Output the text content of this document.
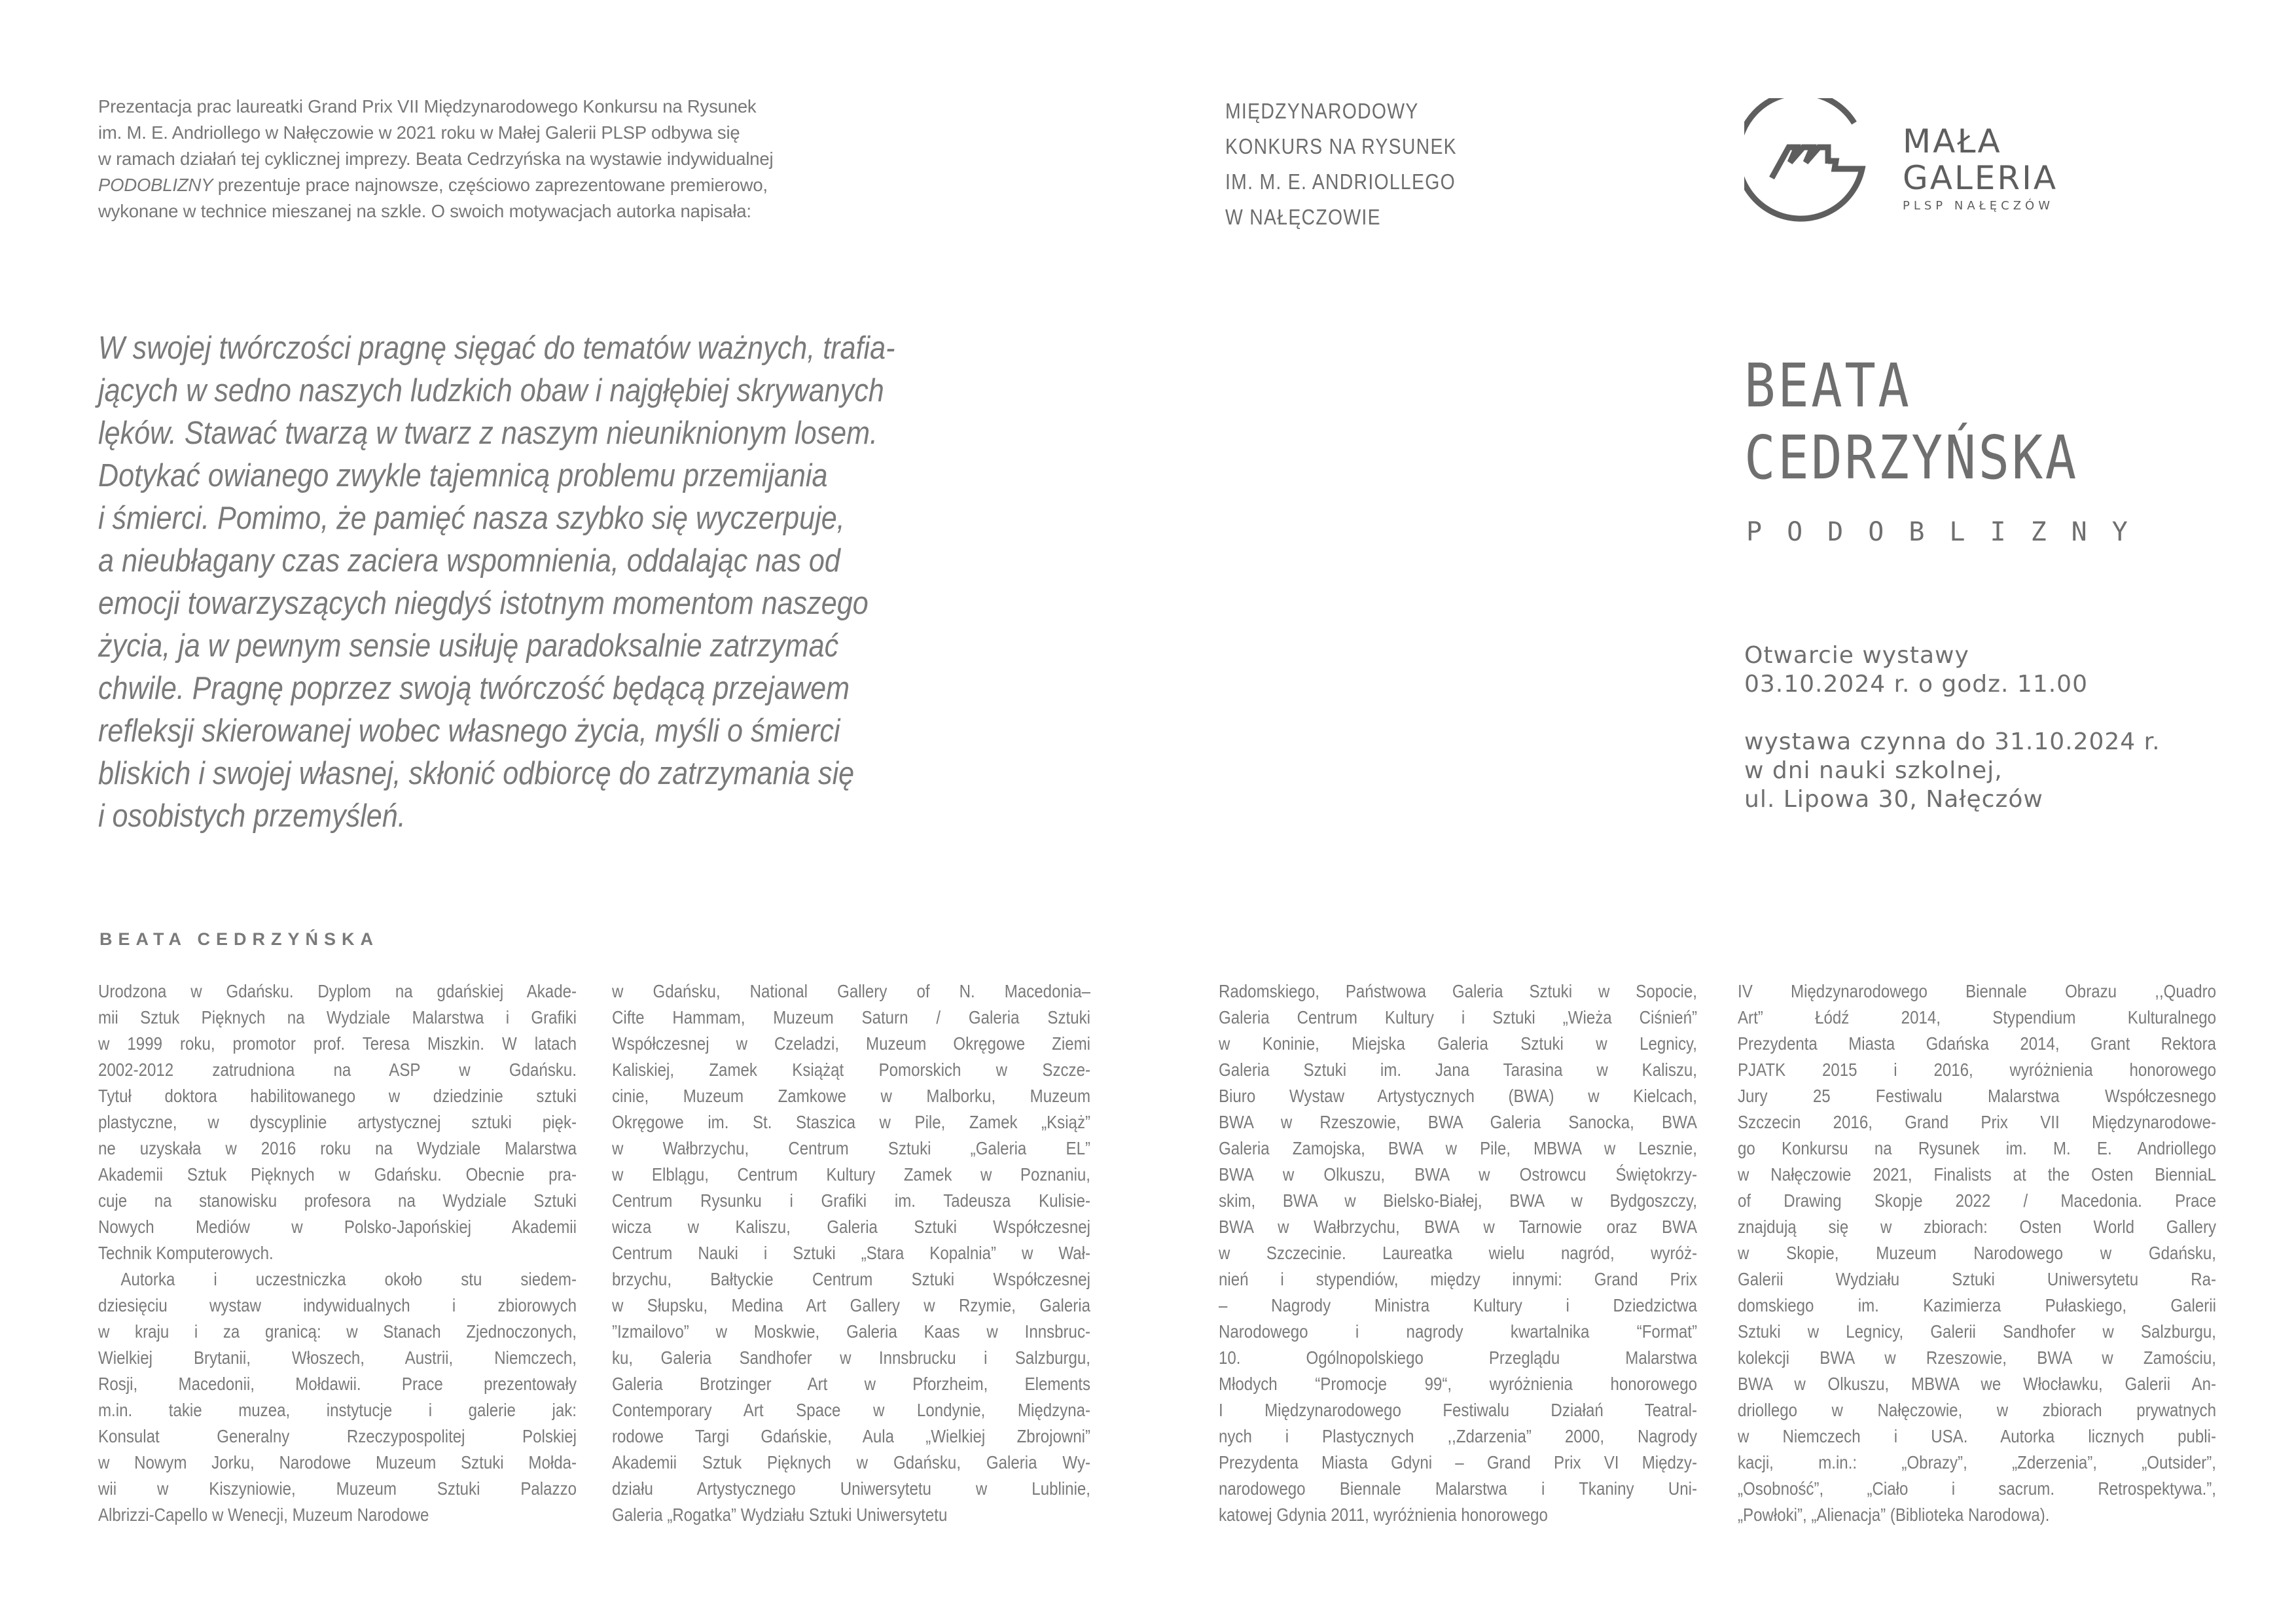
Prezentacja prac laureatki Grand Prix VII Międzynarodowego Konkursu na Rysunek

im. M. E. Andriollego w Nałęczowie w 2021 roku w Małej Galerii PLSP odbywa się

w ramach działań tej cyklicznej imprezy. Beata Cedrzyńska na wystawie indywidualnej

PODOBLIZNY prezentuje prace najnowsze, częściowo zaprezentowane premierowo,

wykonane w technice mieszanej na szkle. O swoich motywacjach autorka napisała:

MIĘDZYNARODOWY
KONKURS NA RYSUNEK
IM. M. E. ANDRIOLLEGO
W NAŁĘCZOWIE
MAŁA
GALERIA
PLSP NAŁĘCZÓW
W swojej twórczości pragnę sięgać do tematów ważnych, trafia-
jących w sedno naszych ludzkich obaw i najgłębiej skrywanych
lęków. Stawać twarzą w twarz z naszym nieuniknionym losem.
Dotykać owianego zwykle tajemnicą problemu przemijania
i śmierci. Pomimo, że pamięć nasza szybko się wyczerpuje,
a nieubłagany czas zaciera wspomnienia, oddalając nas od
emocji towarzyszących niegdyś istotnym momentom naszego
życia, ja w pewnym sensie usiłuję paradoksalnie zatrzymać
chwile. Pragnę poprzez swoją twórczość będącą przejawem
refleksji skierowanej wobec własnego życia, myśli o śmierci
bliskich i swojej własnej, skłonić odbiorcę do zatrzymania się
i osobistych przemyśleń.
BEATA
CEDRZYŃSKA
PODOBLIZNY
Otwarcie wystawy
03.10.2024 r. o godz. 11.00
wystawa czynna do 31.10.2024 r.
w dni nauki szkolnej,
ul. Lipowa 30, Nałęczów
BEATA CEDRZYŃSKA
Urodzona w Gdańsku. Dyplom na gdańskiej Akade-
mii Sztuk Pięknych na Wydziale Malarstwa i Grafiki
w 1999 roku, promotor prof. Teresa Miszkin. W latach
2002-2012 zatrudniona na ASP w Gdańsku.
Tytuł doktora habilitowanego w dziedzinie sztuki
plastyczne, w dyscyplinie artystycznej sztuki pięk-
ne uzyskała w 2016 roku na Wydziale Malarstwa
Akademii Sztuk Pięknych w Gdańsku. Obecnie pra-
cuje na stanowisku profesora na Wydziale Sztuki
Nowych Mediów w Polsko-Japońskiej Akademii
Technik Komputerowych.
Autorka i uczestniczka około stu siedem-
dziesięciu wystaw indywidualnych i zbiorowych
w kraju i za granicą: w Stanach Zjednoczonych,
Wielkiej Brytanii, Włoszech, Austrii, Niemczech,
Rosji, Macedonii, Mołdawii. Prace prezentowały
m.in. takie muzea, instytucje i galerie jak:
Konsulat Generalny Rzeczypospolitej Polskiej
w Nowym Jorku, Narodowe Muzeum Sztuki Mołda-
wii w Kiszyniowie, Muzeum Sztuki Palazzo
Albrizzi-Capello w Wenecji, Muzeum Narodowe
w Gdańsku, National Gallery of N. Macedonia–
Cifte Hammam, Muzeum Saturn / Galeria Sztuki
Współczesnej w Czeladzi, Muzeum Okręgowe Ziemi
Kaliskiej, Zamek Książąt Pomorskich w Szcze-
cinie, Muzeum Zamkowe w Malborku, Muzeum
Okręgowe im. St. Staszica w Pile, Zamek „Książ”
w Wałbrzychu, Centrum Sztuki „Galeria EL”
w Elblągu, Centrum Kultury Zamek w Poznaniu,
Centrum Rysunku i Grafiki im. Tadeusza Kulisie-
wicza w Kaliszu, Galeria Sztuki Współczesnej
Centrum Nauki i Sztuki „Stara Kopalnia” w Wał-
brzychu, Bałtyckie Centrum Sztuki Współczesnej
w Słupsku, Medina Art Gallery w Rzymie, Galeria
”Izmailovo” w Moskwie, Galeria Kaas w Innsbruc-
ku, Galeria Sandhofer w Innsbrucku i Salzburgu,
Galeria Brotzinger Art w Pforzheim, Elements
Contemporary Art Space w Londynie, Międzyna-
rodowe Targi Gdańskie, Aula „Wielkiej Zbrojowni”
Akademii Sztuk Pięknych w Gdańsku, Galeria Wy-
działu Artystycznego Uniwersytetu w Lublinie,
Galeria „Rogatka” Wydziału Sztuki Uniwersytetu
Radomskiego, Państwowa Galeria Sztuki w Sopocie,
Galeria Centrum Kultury i Sztuki „Wieża Ciśnień”
w Koninie, Miejska Galeria Sztuki w Legnicy,
Galeria Sztuki im. Jana Tarasina w Kaliszu,
Biuro Wystaw Artystycznych (BWA) w Kielcach,
BWA w Rzeszowie, BWA Galeria Sanocka, BWA
Galeria Zamojska, BWA w Pile, MBWA w Lesznie,
BWA w Olkuszu, BWA w Ostrowcu Świętokrzy-
skim, BWA w Bielsko-Białej, BWA w Bydgoszczy,
BWA w Wałbrzychu, BWA w Tarnowie oraz BWA
w Szczecinie. Laureatka wielu nagród, wyróż-
nień i stypendiów, między innymi: Grand Prix
– Nagrody Ministra Kultury i Dziedzictwa
Narodowego i nagrody kwartalnika “Format”
10. Ogólnopolskiego Przeglądu Malarstwa
Młodych “Promocje 99“, wyróżnienia honorowego
I Międzynarodowego Festiwalu Działań Teatral-
nych i Plastycznych ,,Zdarzenia” 2000, Nagrody
Prezydenta Miasta Gdyni – Grand Prix VI Między-
narodowego Biennale Malarstwa i Tkaniny Uni-
katowej Gdynia 2011, wyróżnienia honorowego
IV Międzynarodowego Biennale Obrazu ,,Quadro
Art” Łódź 2014, Stypendium Kulturalnego
Prezydenta Miasta Gdańska 2014, Grant Rektora
PJATK 2015 i 2016, wyróżnienia honorowego
Jury 25 Festiwalu Malarstwa Współczesnego
Szczecin 2016, Grand Prix VII Międzynarodowe-
go Konkursu na Rysunek im. M. E. Andriollego
w Nałęczowie 2021, Finalists at the Osten BienniaL
of Drawing Skopje 2022 / Macedonia. Prace
znajdują się w zbiorach: Osten World Gallery
w Skopie, Muzeum Narodowego w Gdańsku,
Galerii Wydziału Sztuki Uniwersytetu Ra-
domskiego im. Kazimierza Pułaskiego, Galerii
Sztuki w Legnicy, Galerii Sandhofer w Salzburgu,
kolekcji BWA w Rzeszowie, BWA w Zamościu,
BWA w Olkuszu, MBWA we Włocławku, Galerii An-
driollego w Nałęczowie, w zbiorach prywatnych
w Niemczech i USA. Autorka licznych publi-
kacji, m.in.: „Obrazy”, „Zderzenia”, „Outsider”,
„Osobność”, „Ciało i sacrum. Retrospektywa.”,
„Powłoki”, „Alienacja” (Biblioteka Narodowa).
